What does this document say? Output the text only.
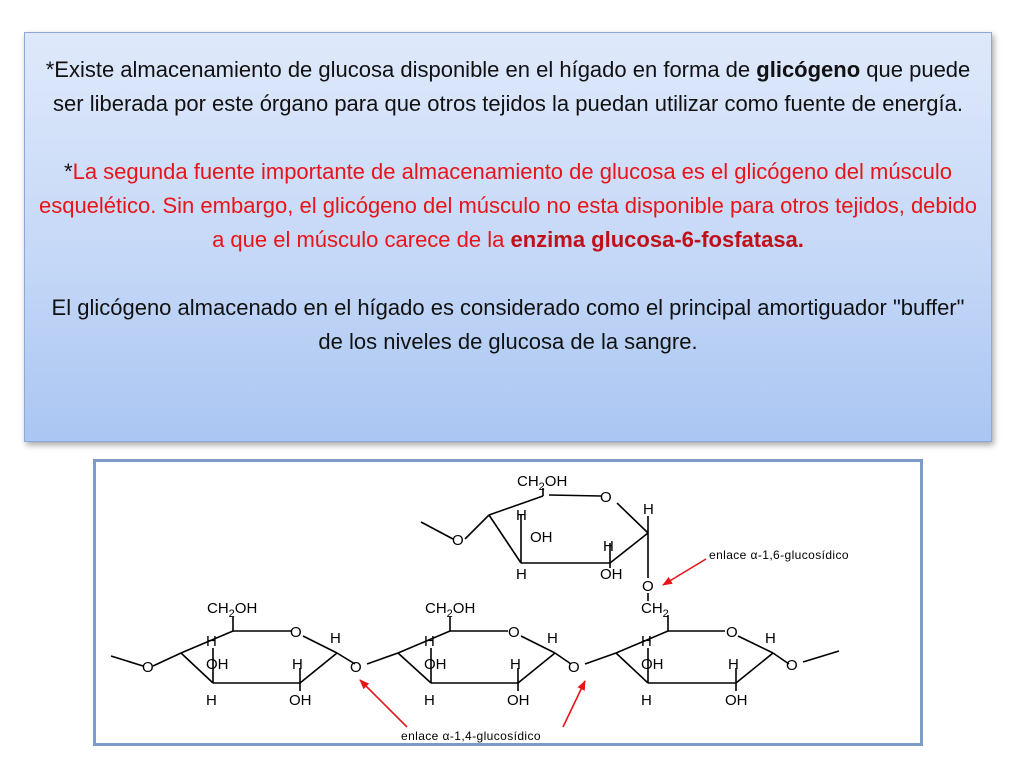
*Existe almacenamiento de glucosa disponible en el hígado en forma de glicógeno que puede ser liberada por este órgano para que otros tejidos la puedan utilizar como fuente de energía.

*La segunda fuente importante de almacenamiento de glucosa es el glicógeno del músculo esquelético. Sin embargo, el glicógeno del músculo no esta disponible para otros tejidos, debido a que el músculo carece de la enzima glucosa-6-fosfatasa.

El glicógeno almacenado en el hígado es considerado como el principal amortiguador "buffer" de los niveles de glucosa de la sangre.

$CH_2OH$
O
H
H
OH
H
H	OH
O
O
$CH_2OH$
O H
H
OH	H
H	OH
O	O
$CH_2OH$
O H
H
OH	H
H	OH
O
$CH_2$
O H
H
OH	H
H	OH
O
enlace α-1,6-glucosídico
enlace α-1,4-glucosídico
